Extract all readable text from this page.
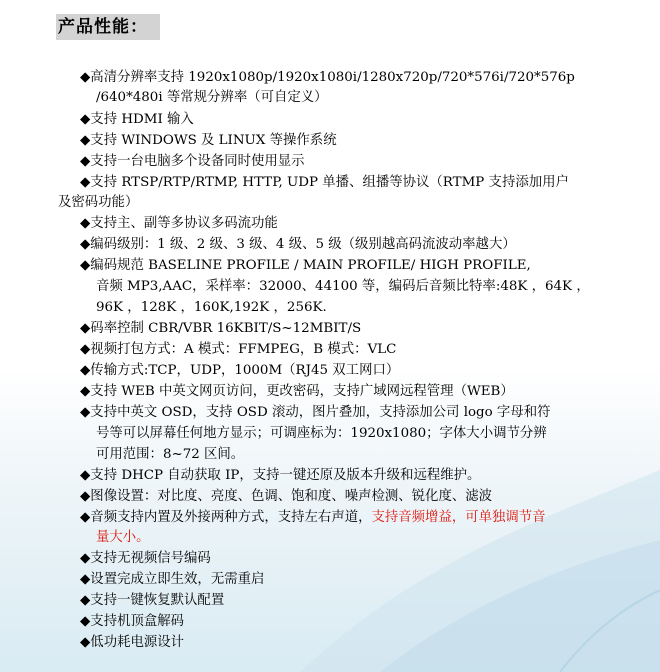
产品性能：
◆高清分辨率支持 1920x1080p/1920x1080i/1280x720p/720*576i/720*576p
/640*480i 等常规分辨率（可自定义）
◆支持 HDMI 输入
◆支持 WINDOWS 及 LINUX 等操作系统
◆支持一台电脑多个设备同时使用显示
◆支持 RTSP/RTP/RTMP, HTTP, UDP 单播、组播等协议（RTMP 支持添加用户
及密码功能）
◆支持主、副等多协议多码流功能
◆编码级别：1 级、2 级、3 级、4 级、5 级（级别越高码流波动率越大）
◆编码规范 BASELINE PROFILE / MAIN PROFILE/ HIGH PROFILE,
音频 MP3,AAC，采样率：32000、44100 等，编码后音频比特率:48K ，64K ，
96K ，128K ，160K,192K ，256K.
◆码率控制 CBR/VBR 16KBIT/S~12MBIT/S
◆视频打包方式：A 模式：FFMPEG，B 模式：VLC
◆传输方式:TCP，UDP，1000M（RJ45 双工网口）
◆支持 WEB 中英文网页访问，更改密码，支持广域网远程管理（WEB）
◆支持中英文 OSD，支持 OSD 滚动，图片叠加，支持添加公司 logo 字母和符
号等可以屏幕任何地方显示；可调座标为：1920x1080；字体大小调节分辨
可用范围：8~72 区间。
◆支持 DHCP 自动获取 IP，支持一键还原及版本升级和远程维护。
◆图像设置：对比度、亮度、色调、饱和度、噪声检测、锐化度、滤波
◆音频支持内置及外接两种方式，支持左右声道，支持音频增益，可单独调节音
量大小。
◆支持无视频信号编码
◆设置完成立即生效，无需重启
◆支持一键恢复默认配置
◆支持机顶盒解码
◆低功耗电源设计
